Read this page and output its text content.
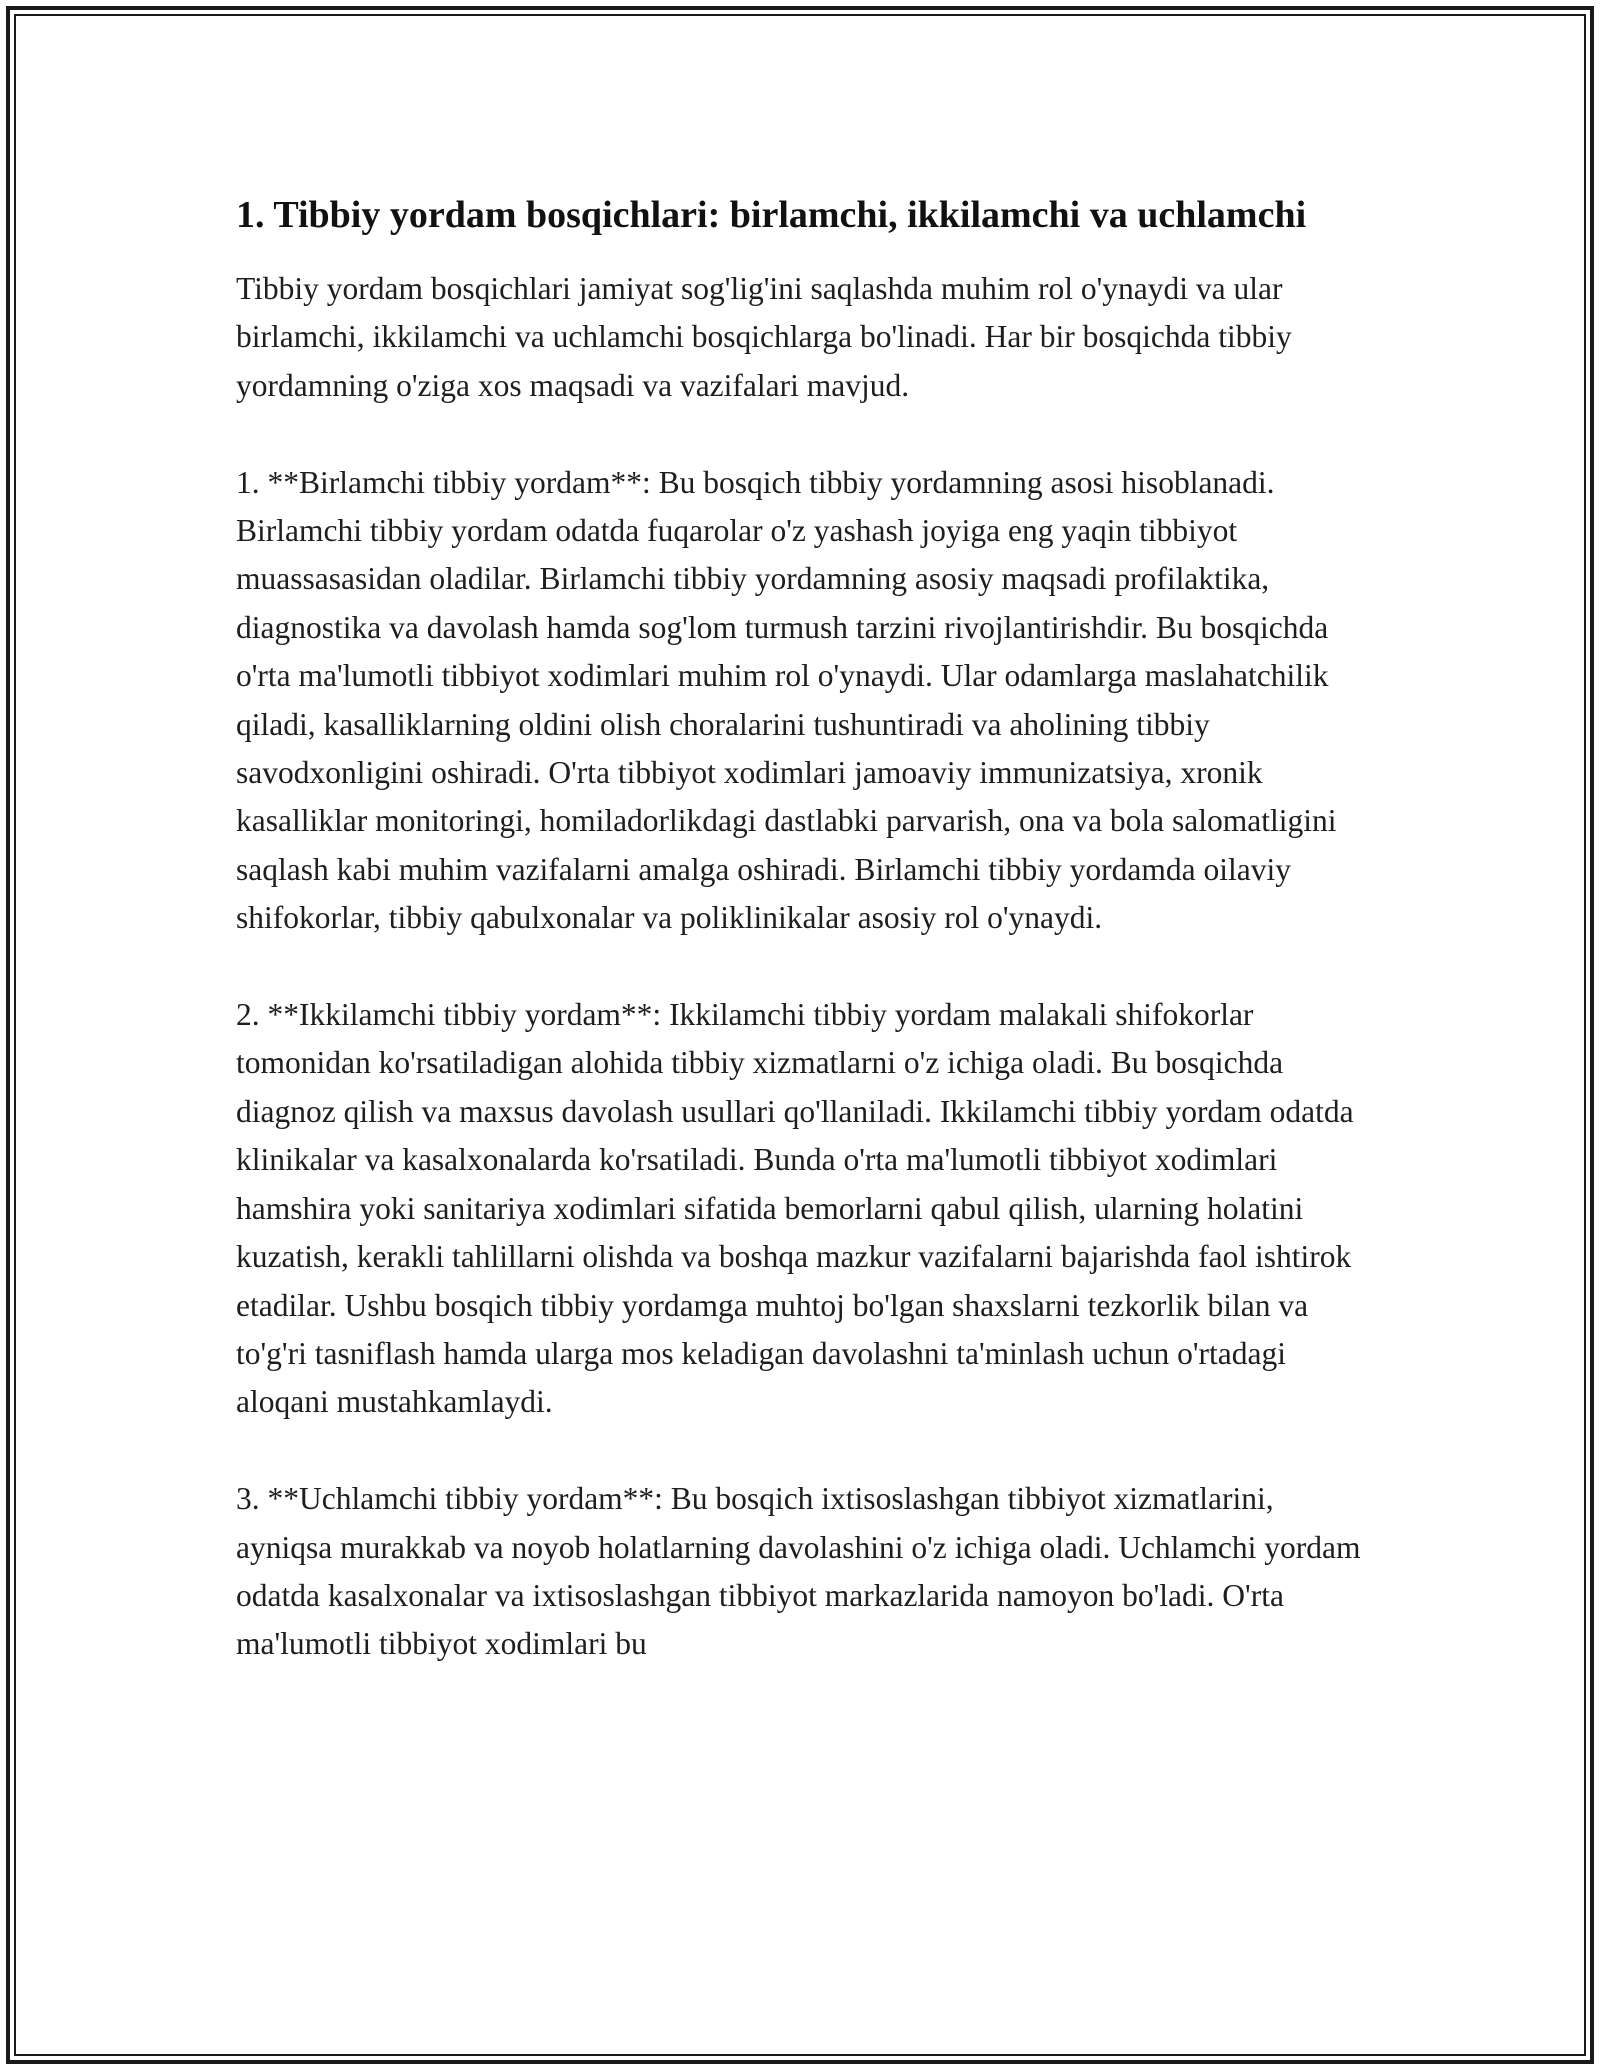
1. Tibbiy yordam bosqichlari: birlamchi, ikkilamchi va uchlamchi

Tibbiy yordam bosqichlari jamiyat sog'lig'ini saqlashda muhim rol o'ynaydi va ular birlamchi, ikkilamchi va uchlamchi bosqichlarga bo'linadi. Har bir bosqichda tibbiy yordamning o'ziga xos maqsadi va vazifalari mavjud.

1. **Birlamchi tibbiy yordam**: Bu bosqich tibbiy yordamning asosi hisoblanadi. Birlamchi tibbiy yordam odatda fuqarolar o'z yashash joyiga eng yaqin tibbiyot muassasasidan oladilar. Birlamchi tibbiy yordamning asosiy maqsadi profilaktika, diagnostika va davolash hamda sog'lom turmush tarzini rivojlantirishdir. Bu bosqichda o'rta ma'lumotli tibbiyot xodimlari muhim rol o'ynaydi. Ular odamlarga maslahatchilik qiladi, kasalliklarning oldini olish choralarini tushuntiradi va aholining tibbiy savodxonligini oshiradi. O'rta tibbiyot xodimlari jamoaviy immunizatsiya, xronik kasalliklar monitoringi, homiladorlikdagi dastlabki parvarish, ona va bola salomatligini saqlash kabi muhim vazifalarni amalga oshiradi. Birlamchi tibbiy yordamda oilaviy shifokorlar, tibbiy qabulxonalar va poliklinikalar asosiy rol o'ynaydi.

2. **Ikkilamchi tibbiy yordam**: Ikkilamchi tibbiy yordam malakali shifokorlar tomonidan ko'rsatiladigan alohida tibbiy xizmatlarni o'z ichiga oladi. Bu bosqichda diagnoz qilish va maxsus davolash usullari qo'llaniladi. Ikkilamchi tibbiy yordam odatda klinikalar va kasalxonalarda ko'rsatiladi. Bunda o'rta ma'lumotli tibbiyot xodimlari hamshira yoki sanitariya xodimlari sifatida bemorlarni qabul qilish, ularning holatini kuzatish, kerakli tahlillarni olishda va boshqa mazkur vazifalarni bajarishda faol ishtirok etadilar. Ushbu bosqich tibbiy yordamga muhtoj bo'lgan shaxslarni tezkorlik bilan va to'g'ri tasniflash hamda ularga mos keladigan davolashni ta'minlash uchun o'rtadagi aloqani mustahkamlaydi.

3. **Uchlamchi tibbiy yordam**: Bu bosqich ixtisoslashgan tibbiyot xizmatlarini, ayniqsa murakkab va noyob holatlarning davolashini o'z ichiga oladi. Uchlamchi yordam odatda kasalxonalar va ixtisoslashgan tibbiyot markazlarida namoyon bo'ladi. O'rta ma'lumotli tibbiyot xodimlari bu
